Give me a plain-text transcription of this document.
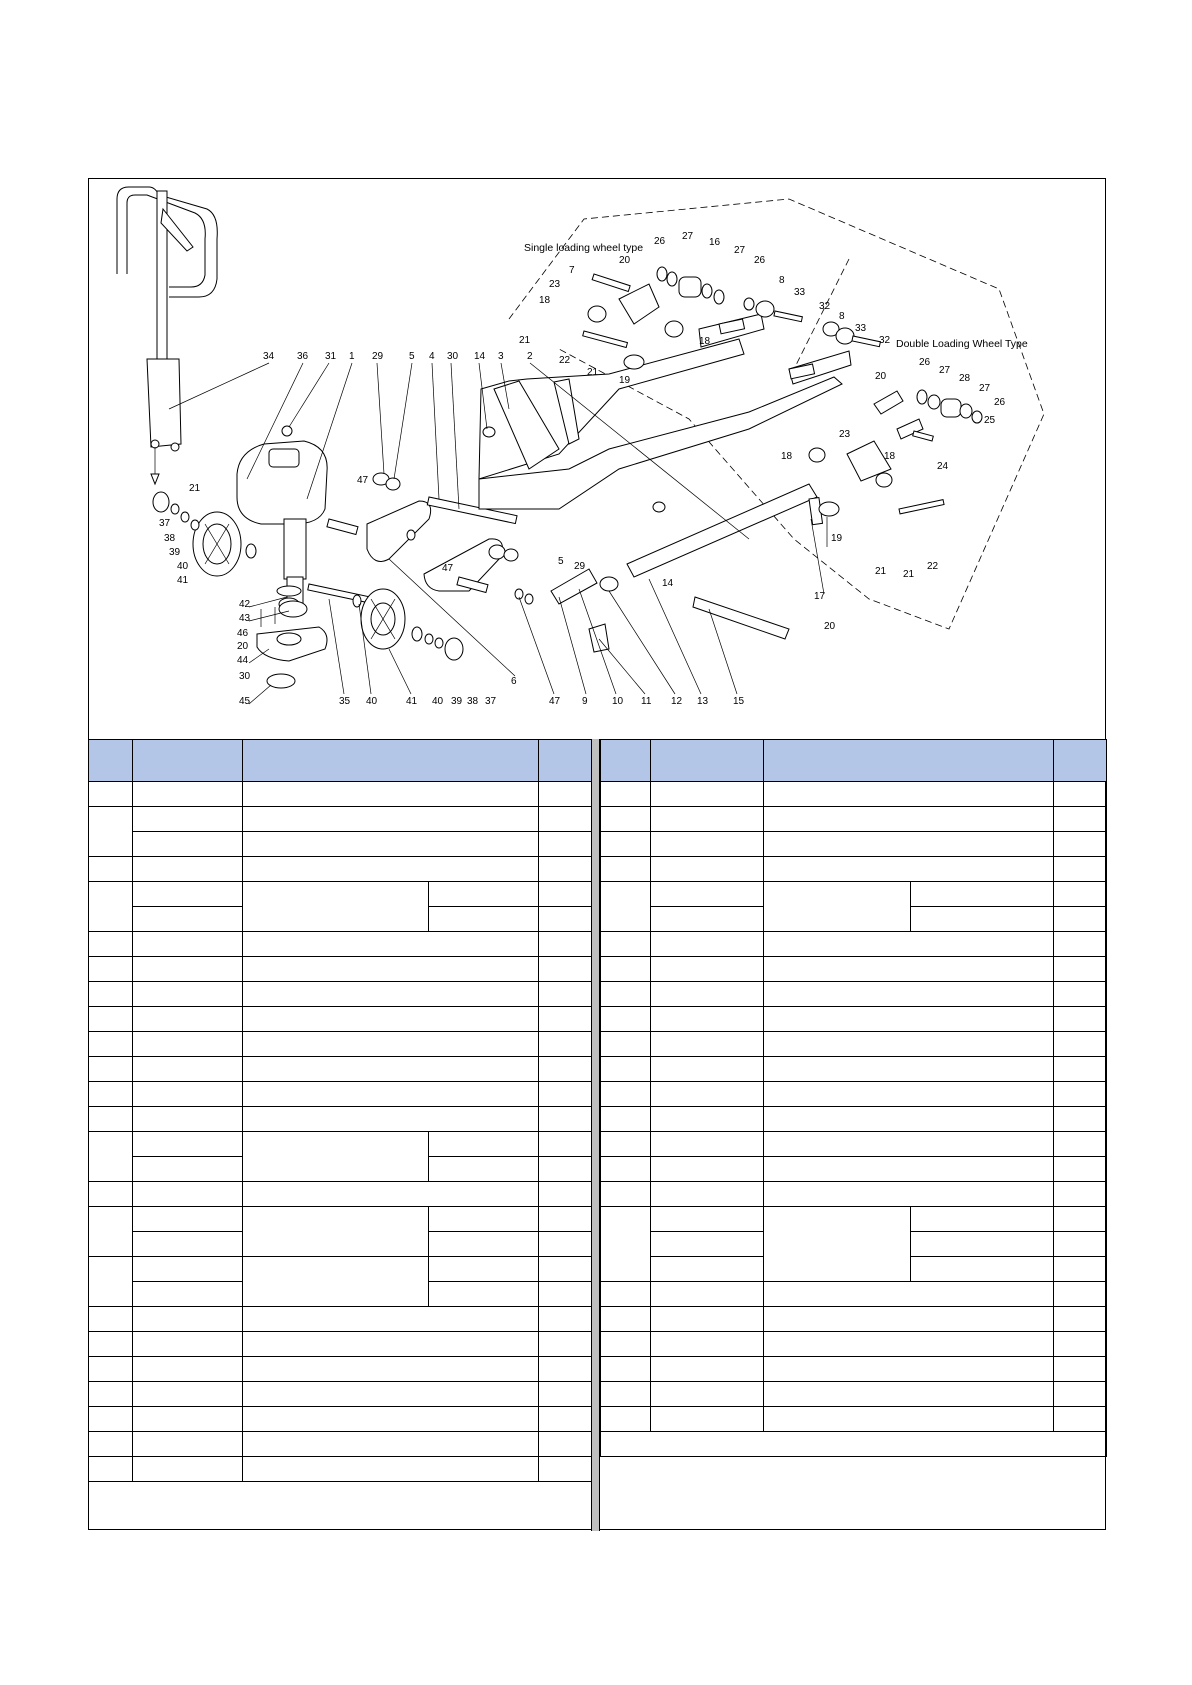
Single loading wheel type
Double Loading Wheel Type
34 36 31 1 29	5 4 30 14 3 2
21
37
38
39
40
41
47
47
42
43
46
20
44
30
45	35 40	41 40 39 38 37
6
47 9 10 11 12 13 15
5 29
14
17
20
7
20
26 27
16
27
26
8
33
32
18
23
21
22
21
19
18
8
33
32
20
26
27
28
27
26
25
24
23
18	18
19
21 21
22
